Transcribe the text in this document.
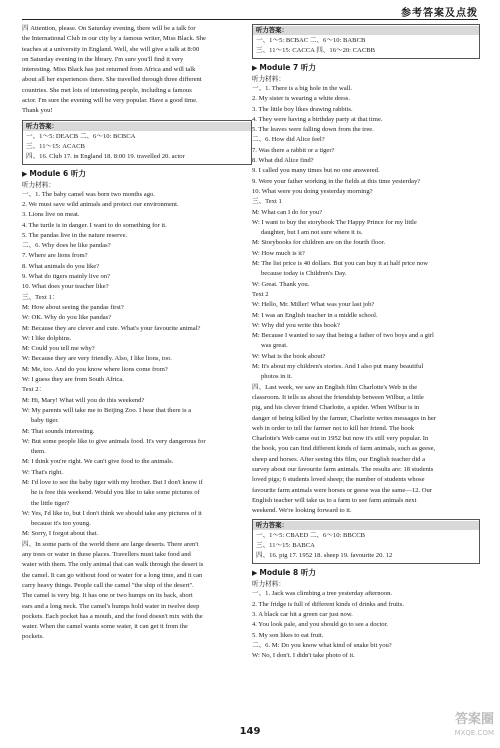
参考答案及点拨
四 Attention, please. On Saturday evening, there will be a talk for
the International Club in our city by a famous writer, Miss Black. She
teaches at a university in England. Well, she will give a talk at 8:00
on Saturday evening in the library. I'm sure you'll find it very
interesting. Miss Black has just returned from Africa and will talk
about all her experiences there. She travelled through three different
countries. She met lots of interesting people, including a famous
actor. I'm sure the evening will be very popular. Have a good time.
Thank you!
听力答案：
一、1～5: DEACB 二、6～10: BCBCA
三、11～15: ACACB
四、16. Club 17. in England 18. 8:00 19. travelled 20. actor
▶ Module 6 听力
听力材料：
一、1. The baby camel was born two months ago.
2. We must save wild animals and protect our environment.
3. Lions live on meat.
4. The turtle is in danger. I want to do something for it.
5. The pandas live in the nature reserve.
二、6. Why does he like pandas?
7. Where are lions from?
8. What animals do you like?
9. What do tigers mainly live on?
10. What does your teacher like?
三、Text 1：
M: How about seeing the pandas first?
W: OK. Why do you like pandas?
M: Because they are clever and cute. What's your favourite animal?
W: I like dolphins.
M: Could you tell me why?
W: Because they are very friendly. Also, I like lions, too.
M: Me, too. And do you know where lions come from?
W: I guess they are from South Africa.
Text 2：
M: Hi, Mary! What will you do this weekend?
W: My parents will take me to Beijing Zoo. I hear that there is a
baby tiger.
M: That sounds interesting.
W: But some people like to give animals food. It's very dangerous for
them.
M: I think you're right. We can't give food to the animals.
W: That's right.
M: I'd love to see the baby tiger with my brother. But I don't know if
he is free this weekend. Would you like to take some pictures of
the little tiger?
W: Yes, I'd like to, but I don't think we should take any pictures of it
because it's too young.
M: Sorry, I forgot about that.
四、In some parts of the world there are large deserts. There aren't
any trees or water in these places. Travellers must take food and
water with them. The only animal that can walk through the desert is
the camel. It can go without food or water for a long time, and it can
carry heavy things. People call the camel "the ship of the desert".
The camel is very big. It has one or two humps on its back, short
ears and a long neck. The camel's humps hold water in twelve deep
pockets. Each pocket has a mouth, and the food doesn't mix with the
water. When the camel wants some water, it can get it from the
pockets.
听力答案：
一、1～5: BCBAC 二、6～10: BABCB
三、11～15: CACCA 四、16～20: CACBB
▶ Module 7 听力
听力材料：
一、1. There is a big hole in the wall.
2. My sister is wearing a white dress.
3. The little boy likes drawing rabbits.
4. They were having a birthday party at that time.
5. The leaves were falling down from the tree.
二、6. How did Alice feel?
7. Was there a rabbit or a tiger?
8. What did Alice find?
9. I called you many times but no one answered.
9. Were your father working in the fields at this time yesterday?
10. What were you doing yesterday morning?
三、Text 1
M: What can I do for you?
W: I want to buy the storybook The Happy Prince for my little
daughter, but I am not sure where it is.
M: Storybooks for children are on the fourth floor.
W: How much is it?
M: The list price is 40 dollars. But you can buy it at half price now
because today is Children's Day.
W: Great. Thank you.
Text 2
W: Hello, Mr. Miller! What was your last job?
M: I was an English teacher in a middle school.
W: Why did you write this book?
M: Because I wanted to say that being a father of two boys and a girl
was great.
W: What is the book about?
M: It's about my children's stories. And I also put many beautiful
photos in it.
四、Last week, we saw an English film Charlotte's Web in the
classroom. It tells us about the friendship between Wilbur, a little
pig, and his clever friend Charlotte, a spider. When Wilbur is in
danger of being killed by the farmer, Charlotte writes messages in her
web in order to tell the farmer not to kill her friend. The book
Charlotte's Web came out in 1952 but now it's still very popular. In
the book, you can find different kinds of farm animals, such as geese,
sheep and horses. After seeing this film, our English teacher did a
survey about our favourite farm animals. The results are: 18 students
loved pigs; 6 students loved sheep; the number of students whose
favourite farm animals were horses or geese was the same—12. Our
English teacher will take us to a farm to see farm animals next
weekend. We're looking forward to it.
听力答案：
一、1～5: CBAED 二、6～10: BBCCB
三、11～15: BABCA
四、16. pig 17. 1952 18. sheep 19. favourite 20. 12
▶ Module 8 听力
听力材料：
一、1. Jack was climbing a tree yesterday afternoon.
2. The fridge is full of different kinds of drinks and fruits.
3. A black car hit a green car just now.
4. You look pale, and you should go to see a doctor.
5. My son likes to eat fruit.
二、6. M: Do you know what kind of snake bit you?
W: No, I don't. I didn't take photo of it.
149
答案圈
MXQE.COM
